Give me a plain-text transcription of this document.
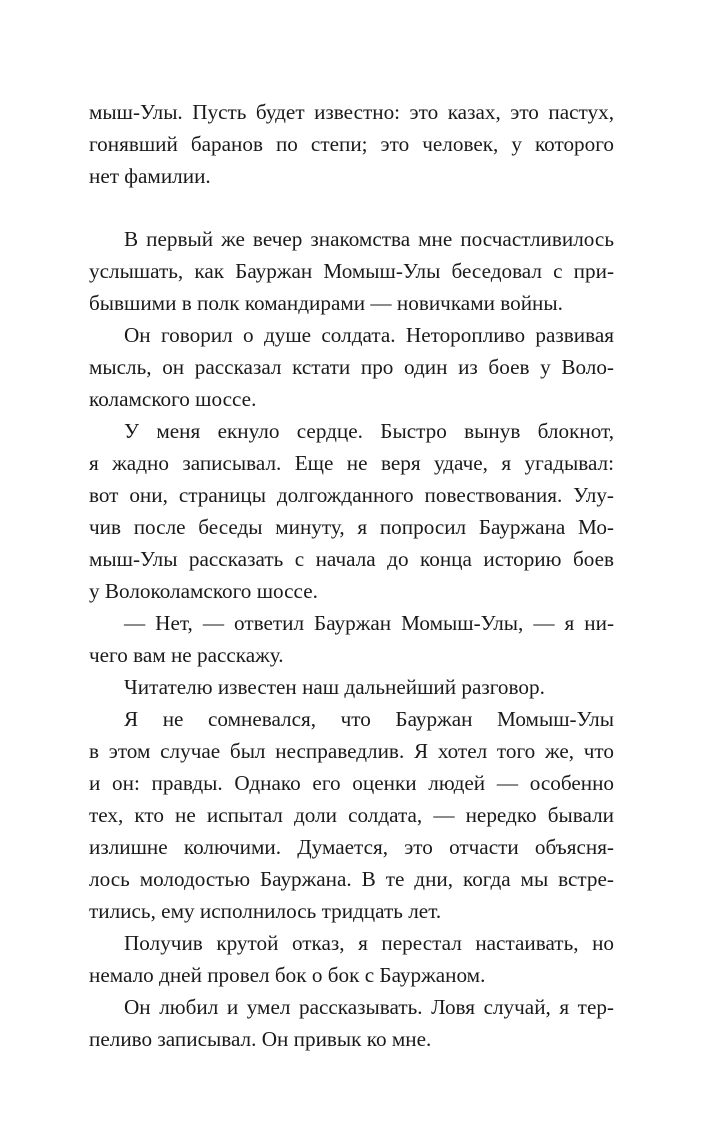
мыш-Улы. Пусть будет известно: это казах, это пастух,
гонявший баранов по степи; это человек, у которого
нет фамилии.
В первый же вечер знакомства мне посчастливилось
услышать, как Бауржан Момыш-Улы беседовал с при-
бывшими в полк командирами — новичками войны.
Он говорил о душе солдата. Неторопливо развивая
мысль, он рассказал кстати про один из боев у Воло-
коламского шоссе.
У меня екнуло сердце. Быстро вынув блокнот,
я жадно записывал. Еще не веря удаче, я угадывал:
вот они, страницы долгожданного повествования. Улу-
чив после беседы минуту, я попросил Бауржана Мо-
мыш-Улы рассказать с начала до конца историю боев
у Волоколамского шоссе.
— Нет, — ответил Бауржан Момыш-Улы, — я ни-
чего вам не расскажу.
Читателю известен наш дальнейший разговор.
Я не сомневался, что Бауржан Момыш-Улы
в этом случае был несправедлив. Я хотел того же, что
и он: правды. Однако его оценки людей — особенно
тех, кто не испытал доли солдата, — нередко бывали
излишне колючими. Думается, это отчасти объясня-
лось молодостью Бауржана. В те дни, когда мы встре-
тились, ему исполнилось тридцать лет.
Получив крутой отказ, я перестал настаивать, но
немало дней провел бок о бок с Бауржаном.
Он любил и умел рассказывать. Ловя случай, я тер-
пеливо записывал. Он привык ко мне.
